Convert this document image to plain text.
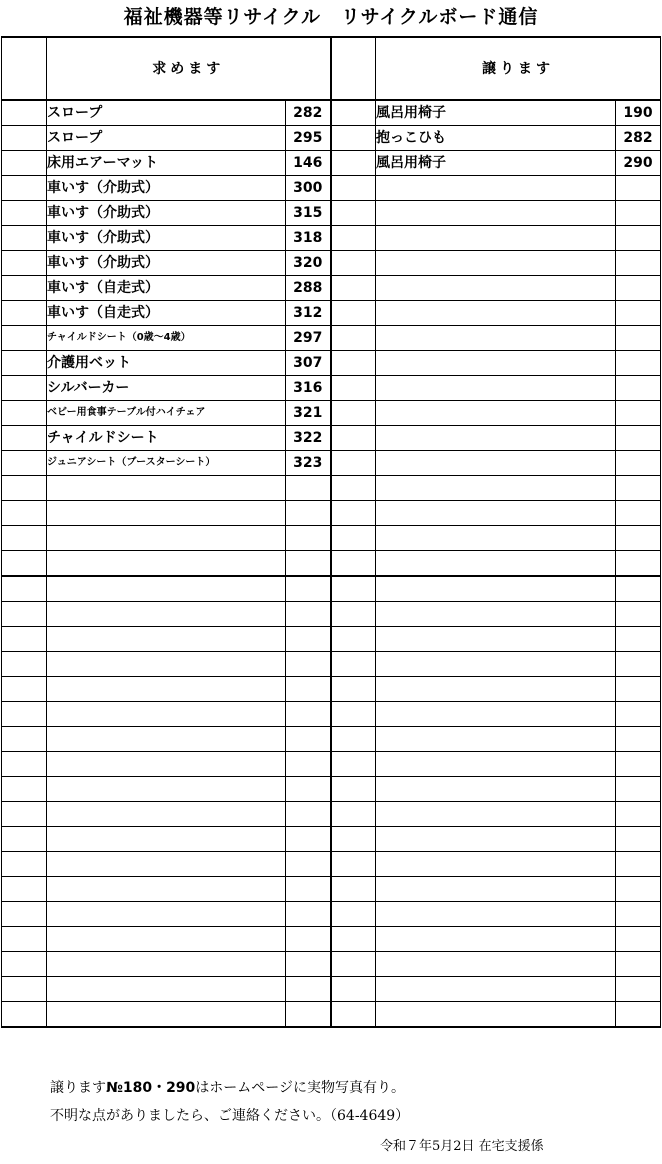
福祉機器等リサイクル　リサイクルボード通信
	求めます			譲ります	
	スロープ	282		風呂用椅子	190
	スロープ	295		抱っこひも	282
	床用エアーマット	146		風呂用椅子	290
	車いす（介助式）	300			
	車いす（介助式）	315			
	車いす（介助式）	318			
	車いす（介助式）	320			
	車いす（自走式）	288			
	車いす（自走式）	312			
	チャイルドシート（0歳～4歳）	297			
	介護用ベット	307			
	シルバーカー	316			
	ベビー用食事テーブル付ハイチェア	321			
	チャイルドシート	322			
	ジュニアシート（ブースターシート）	323			

譲ります№180・290はホームページに実物写真有り。
不明な点がありましたら、ご連絡ください。（64-4649）
令和７年5月2日 在宅支援係
